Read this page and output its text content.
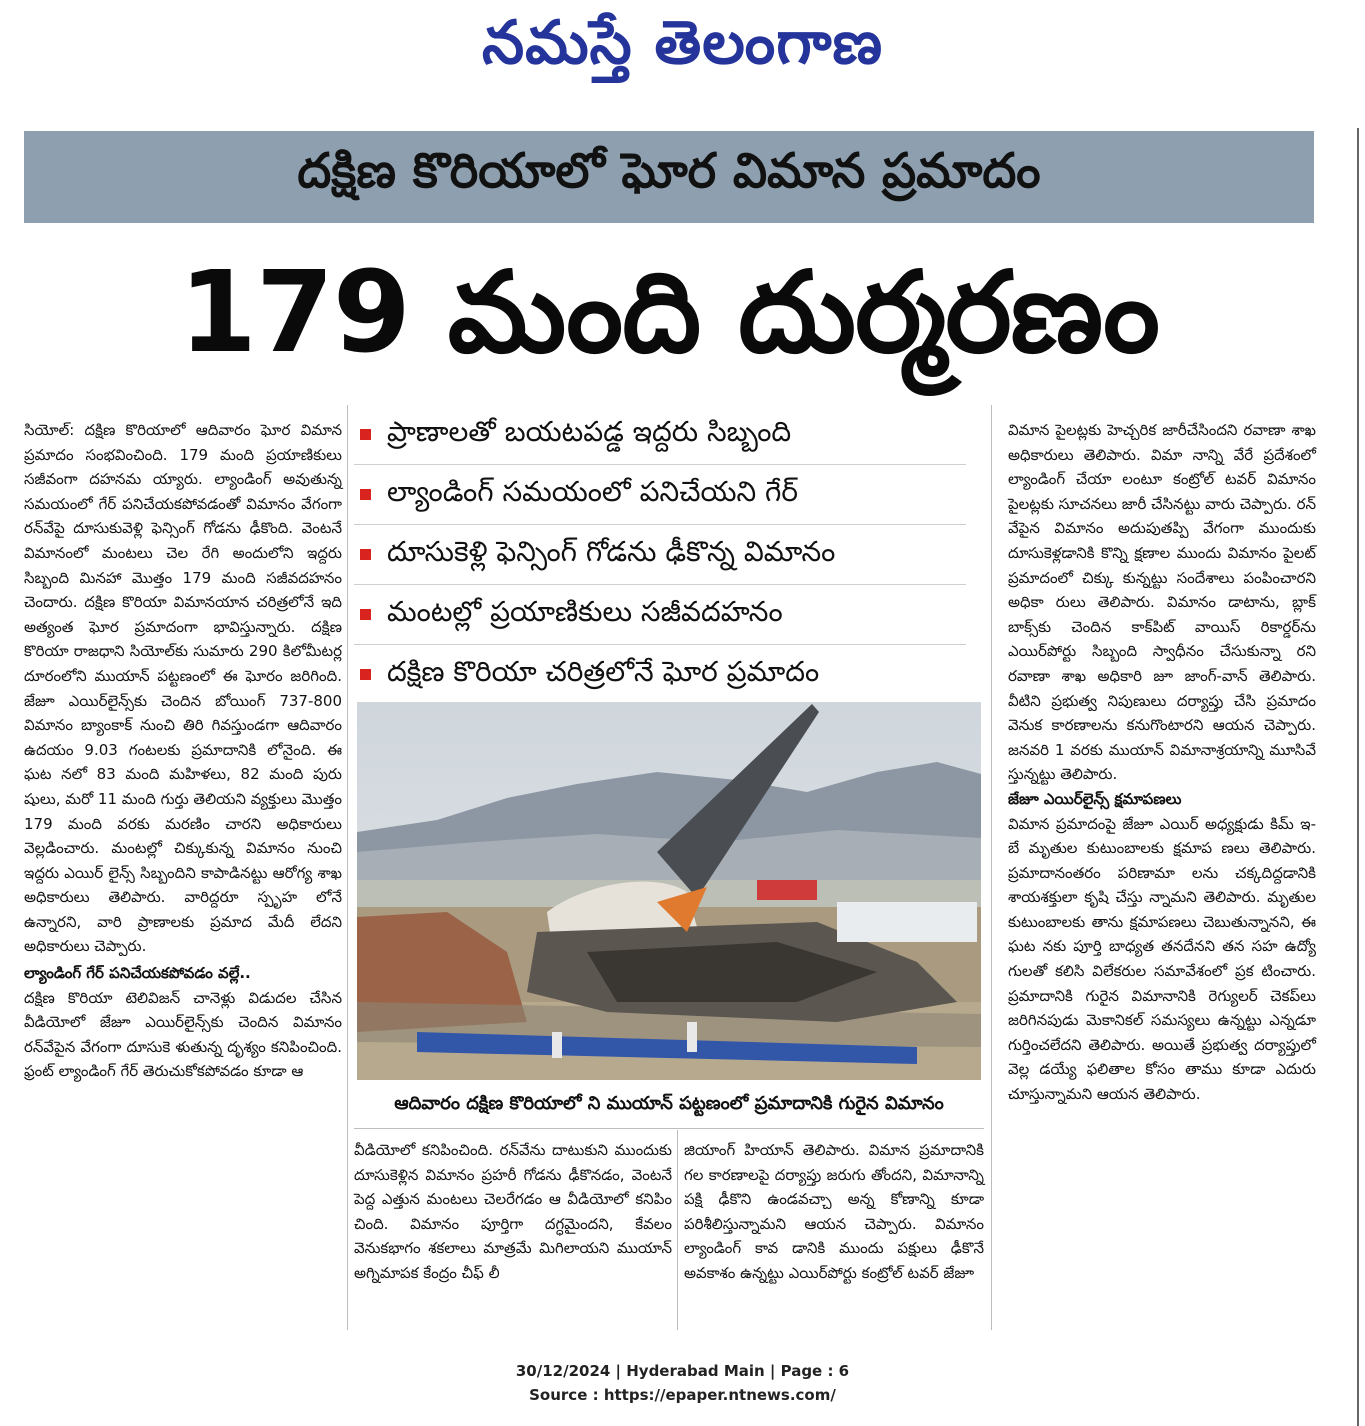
నమస్తే తెలంగాణ
దక్షిణ కొరియాలో ఘోర విమాన ప్రమాదం
179 మంది దుర్మరణం

సియోల్: దక్షిణ కొరియాలో ఆదివారం ఘోర విమాన ప్రమాదం సంభవించింది. 179 మంది ప్రయాణికులు సజీవంగా దహనమ య్యారు. ల్యాండింగ్ అవుతున్న సమయంలో గేర్ పనిచేయకపోవడంతో విమానం వేగంగా రన్‌వేపై దూసుకువెళ్లి ఫెన్సింగ్ గోడను ఢీకొంది. వెంటనే విమానంలో మంటలు చెల రేగి అందులోని ఇద్దరు సిబ్బంది మినహా మొత్తం 179 మంది సజీవదహనం చెందారు. దక్షిణ కొరియా విమానయాన చరిత్రలోనే ఇది అత్యంత ఘోర ప్రమాదంగా భావిస్తున్నారు. దక్షిణ కొరియా రాజధాని సియోల్‌కు సుమారు 290 కిలోమీటర్ల దూరంలోని ముయాన్ పట్టణంలో ఈ ఘోరం జరిగింది. జేజూ ఎయిర్‌లైన్స్‌కు చెందిన బోయింగ్ 737-800 విమానం బ్యాంకాక్ నుంచి తిరి గివస్తుండగా ఆదివారం ఉదయం 9.03 గంటలకు ప్రమాదానికి లోనైంది. ఈ ఘట నలో 83 మంది మహిళలు, 82 మంది పురు షులు, మరో 11 మంది గుర్తు తెలియని వ్యక్తులు మొత్తం 179 మంది వరకు మరణిం చారని అధికారులు వెల్లడించారు. మంటల్లో చిక్కుకున్న విమానం నుంచి ఇద్దరు ఎయిర్ లైన్స్ సిబ్బందిని కాపాడినట్టు ఆరోగ్య శాఖ అధికారులు తెలిపారు. వారిద్దరూ స్పృహ లోనే ఉన్నారని, వారి ప్రాణాలకు ప్రమాద మేదీ లేదని అధికారులు చెప్పారు.

ల్యాండింగ్ గేర్ పనిచేయకపోవడం వల్లే..

దక్షిణ కొరియా టెలివిజన్ చానెళ్లు విడుదల చేసిన వీడియోలో జేజూ ఎయిర్‌లైన్స్‌కు చెందిన విమానం రన్‌వేపైన వేగంగా దూసుకె ళుతున్న దృశ్యం కనిపించింది. ఫ్రంట్ ల్యాండింగ్ గేర్ తెరుచుకోకపోవడం కూడా ఆ

ప్రాణాలతో బయటపడ్డ ఇద్దరు సిబ్బంది
ల్యాండింగ్ సమయంలో పనిచేయని గేర్
దూసుకెళ్లి ఫెన్సింగ్ గోడను ఢీకొన్న విమానం
మంటల్లో ప్రయాణికులు సజీవదహనం
దక్షిణ కొరియా చరిత్రలోనే ఘోర ప్రమాదం
ఆదివారం దక్షిణ కొరియాలో ని ముయాన్ పట్టణంలో ప్రమాదానికి గురైన విమానం

వీడియోలో కనిపించింది. రన్‌వేను దాటుకుని ముందుకు దూసుకెళ్లిన విమానం ప్రహరీ గోడను ఢీకొనడం, వెంటనే పెద్ద ఎత్తున మంటలు చెలరేగడం ఆ వీడియోలో కనిపిం చింది. విమానం పూర్తిగా దగ్ధమైందని, కేవలం వెనుకభాగం శకలాలు మాత్రమే మిగిలాయని ముయాన్ అగ్నిమాపక కేంద్రం చీఫ్ లీ

జియాంగ్ హియాన్ తెలిపారు. విమాన ప్రమాదానికి గల కారణాలపై దర్యాప్తు జరుగు తోందని, విమానాన్ని పక్షి ఢీకొని ఉండవచ్చా అన్న కోణాన్ని కూడా పరిశీలిస్తున్నామని ఆయన చెప్పారు. విమానం ల్యాండింగ్ కావ డానికి ముందు పక్షులు ఢీకొనే అవకాశం ఉన్నట్టు ఎయిర్‌పోర్టు కంట్రోల్ టవర్ జేజూ

విమాన పైలట్లకు హెచ్చరిక జారీచేసిందని రవాణా శాఖ అధికారులు తెలిపారు. విమా నాన్ని వేరే ప్రదేశంలో ల్యాండింగ్ చేయా లంటూ కంట్రోల్ టవర్ విమానం పైలట్లకు సూచనలు జారీ చేసినట్టు వారు చెప్పారు. రన్ వేపైన విమానం అదుపుతప్పి వేగంగా ముందుకు దూసుకెళ్లడానికి కొన్ని క్షణాల ముందు విమానం పైలట్ ప్రమాదంలో చిక్కు కున్నట్టు సందేశాలు పంపించారని అధికా రులు తెలిపారు. విమానం డాటాను, బ్లాక్ బాక్స్‌కు చెందిన కాక్‌పిట్ వాయిస్ రికార్డర్‌ను ఎయిర్‌పోర్టు సిబ్బంది స్వాధీనం చేసుకున్నా రని రవాణా శాఖ అధికారి జూ జాంగ్-వాన్ తెలిపారు. వీటిని ప్రభుత్వ నిపుణులు దర్యాప్తు చేసి ప్రమాదం వెనుక కారణాలను కనుగొంటారని ఆయన చెప్పారు. జనవరి 1 వరకు ముయాన్ విమానాశ్రయాన్ని మూసివే స్తున్నట్టు తెలిపారు.

జేజూ ఎయిర్‌లైన్స్ క్షమాపణలు

విమాన ప్రమాదంపై జేజూ ఎయిర్ అధ్యక్షుడు కిమ్ ఇ-బే మృతుల కుటుంబాలకు క్షమాప ణలు తెలిపారు. ప్రమాదానంతరం పరిణామా లను చక్కదిద్దడానికి శాయశక్తులా కృషి చేస్తు న్నామని తెలిపారు. మృతుల కుటుంబాలకు తాను క్షమాపణలు చెబుతున్నానని, ఈ ఘట నకు పూర్తి బాధ్యత తనదేనని తన సహ ఉద్యో గులతో కలిసి విలేకరుల సమావేశంలో ప్రక టించారు. ప్రమాదానికి గురైన విమానానికి రెగ్యులర్ చెకప్‌లు జరిగినపుడు మెకానికల్ సమస్యలు ఉన్నట్టు ఎన్నడూ గుర్తించలేదని తెలిపారు. అయితే ప్రభుత్వ దర్యాప్తులో వెల్ల డయ్యే ఫలితాల కోసం తాము కూడా ఎదురు చూస్తున్నామని ఆయన తెలిపారు.

30/12/2024 | Hyderabad Main | Page : 6
Source : https://epaper.ntnews.com/
